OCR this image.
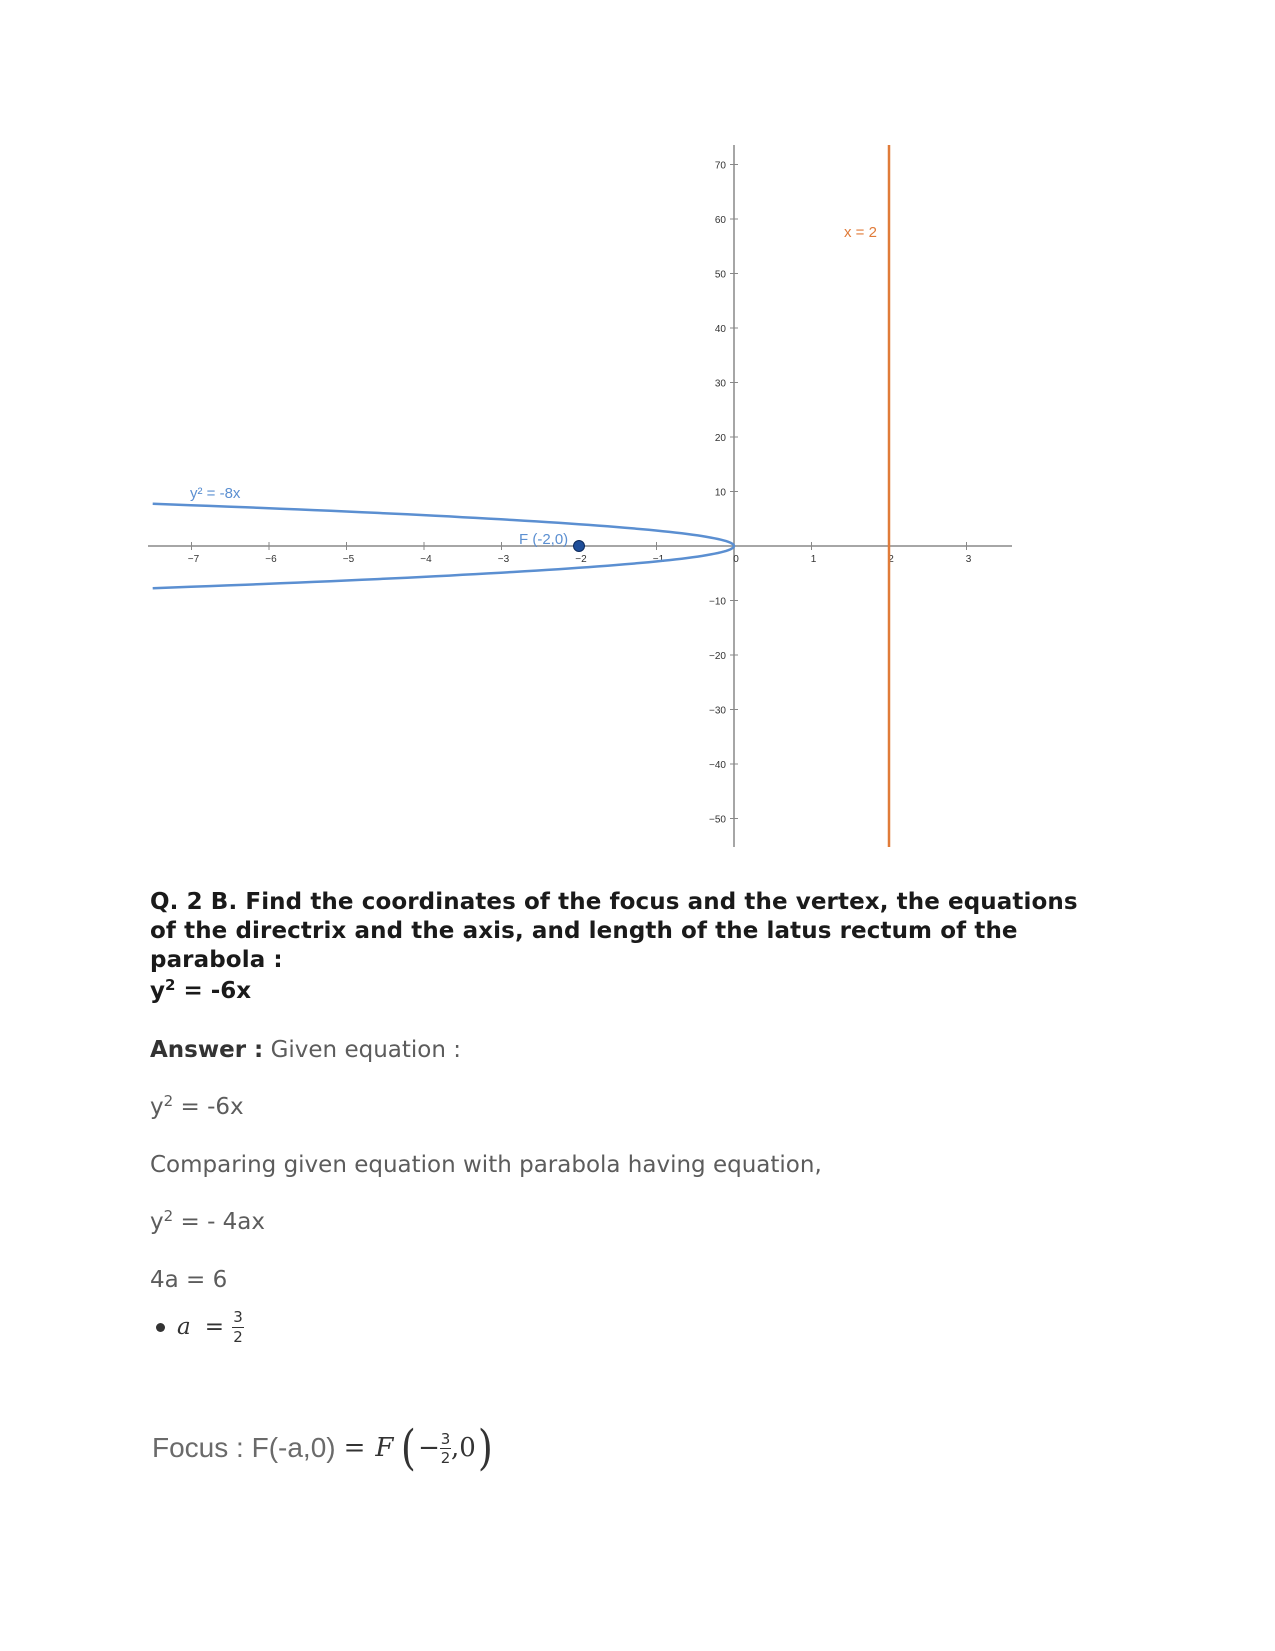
−7	−6	−5	−4	−3	−2	−1	0	1	2	3
70
60
50
40
30
20
10
−10
−20
−30
−40
−50
y² = -8x
x = 2
F (-2,0)
Q. 2 B. Find the coordinates of the focus and the vertex, the equations of the directrix and the axis, and length of the latus rectum of the parabola :
$y^2 = -6x$
Answer : Given equation :
$y^2 = -6x$
Comparing given equation with parabola having equation,
$y^2$ = - 4ax
4a = 6
$a = \frac{3}{2}$
Focus : F(-a,0) = F ( − 3
2 ,0 )
